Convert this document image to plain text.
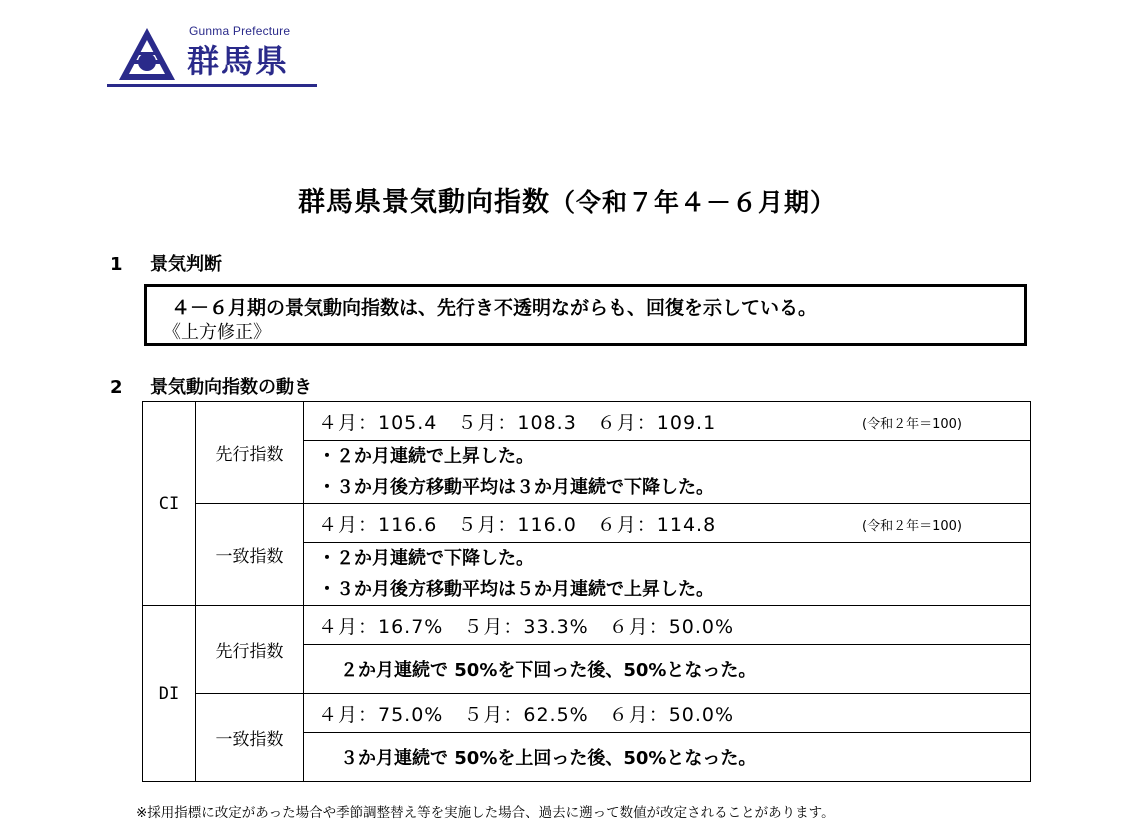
Gunma Prefecture
群馬県
群馬県景気動向指数（令和７年４－６月期）
1 景気判断
４－６月期の景気動向指数は、先行き不透明ながらも、回復を示している。
《上方修正》
2 景気動向指数の動き
CI	先行指数	４月：105.4　５月：108.3　６月：109.1 (令和２年＝100)

		・２か月連続で上昇した。
・３か月後方移動平均は３か月連続で下降した。

	一致指数	４月：116.6　５月：116.0　６月：114.8 (令和２年＝100)

		・２か月連続で下降した。
・３か月後方移動平均は５か月連続で上昇した。

DI	先行指数	４月：16.7%　５月：33.3%　６月：50.0%
		２か月連続で 50%を下回った後、50%となった。
	一致指数	４月：75.0%　５月：62.5%　６月：50.0%
		３か月連続で 50%を上回った後、50%となった。
※採用指標に改定があった場合や季節調整替え等を実施した場合、過去に遡って数値が改定されることがあります。
